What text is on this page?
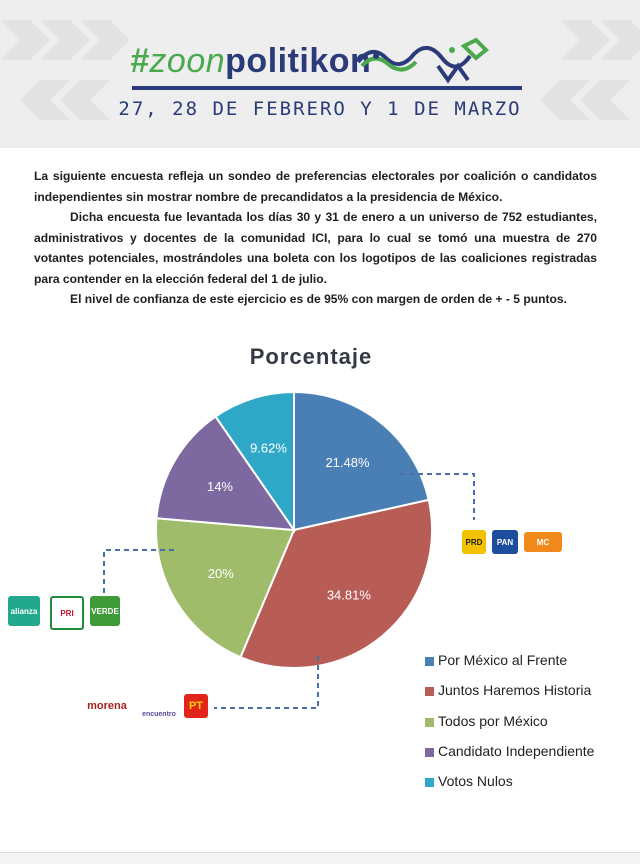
#zoonpolitikon
27, 28 DE FEBRERO Y 1 DE MARZO

La siguiente encuesta refleja un sondeo de preferencias electorales por coalición o candidatos independientes sin mostrar nombre de precandidatos a la presidencia de México.

Dicha encuesta fue levantada los días 30 y 31 de enero a un universo de 752 estudiantes, administrativos y docentes de la comunidad ICI, para lo cual se tomó una muestra de 270 votantes potenciales, mostrándoles una boleta con los logotipos de las coaliciones registradas para contender en la elección federal del 1 de julio.

El nivel de confianza de este ejercicio es de 95% con margen de orden de + - 5 puntos.

Porcentaje
21.48%
34.81%
20%
14%
9.62%
PRD	PAN	MC
alianza	PRI	VERDE
morena
encuentro
PT
Por México al Frente
Juntos Haremos Historia
Todos por México
Candidato Independiente
Votos Nulos
